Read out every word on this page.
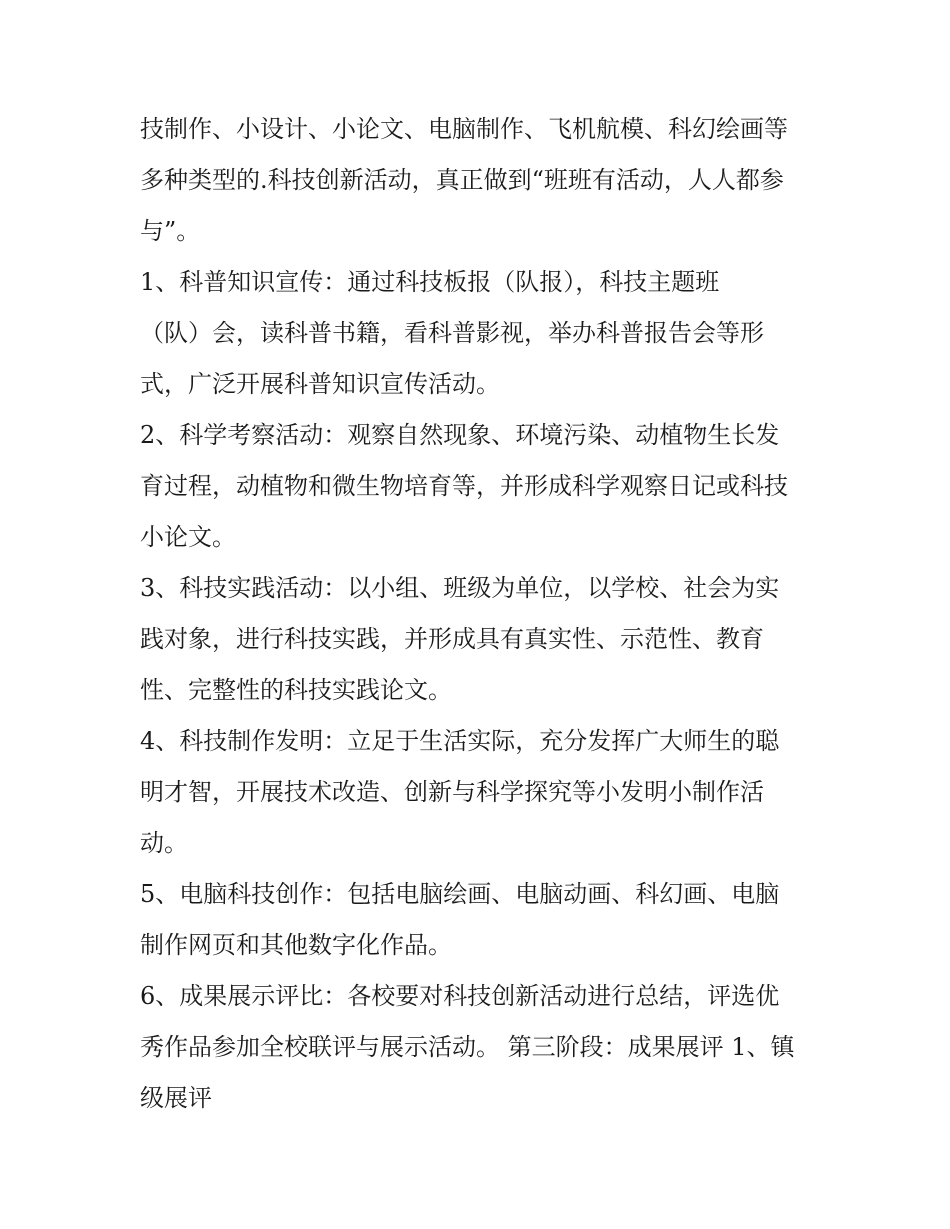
技制作、小设计、小论文、电脑制作、飞机航模、科幻绘画等
多种类型的.科技创新活动，真正做到“班班有活动，人人都参
与”。
1、科普知识宣传：通过科技板报（队报），科技主题班
（队）会，读科普书籍，看科普影视，举办科普报告会等形
式，广泛开展科普知识宣传活动。
2、科学考察活动：观察自然现象、环境污染、动植物生长发
育过程，动植物和微生物培育等，并形成科学观察日记或科技
小论文。
3、科技实践活动：以小组、班级为单位，以学校、社会为实
践对象，进行科技实践，并形成具有真实性、示范性、教育
性、完整性的科技实践论文。
4、科技制作发明：立足于生活实际，充分发挥广大师生的聪
明才智，开展技术改造、创新与科学探究等小发明小制作活
动。
5、电脑科技创作：包括电脑绘画、电脑动画、科幻画、电脑
制作网页和其他数字化作品。
6、成果展示评比：各校要对科技创新活动进行总结，评选优
秀作品参加全校联评与展示活动。 第三阶段：成果展评 1、镇
级展评
